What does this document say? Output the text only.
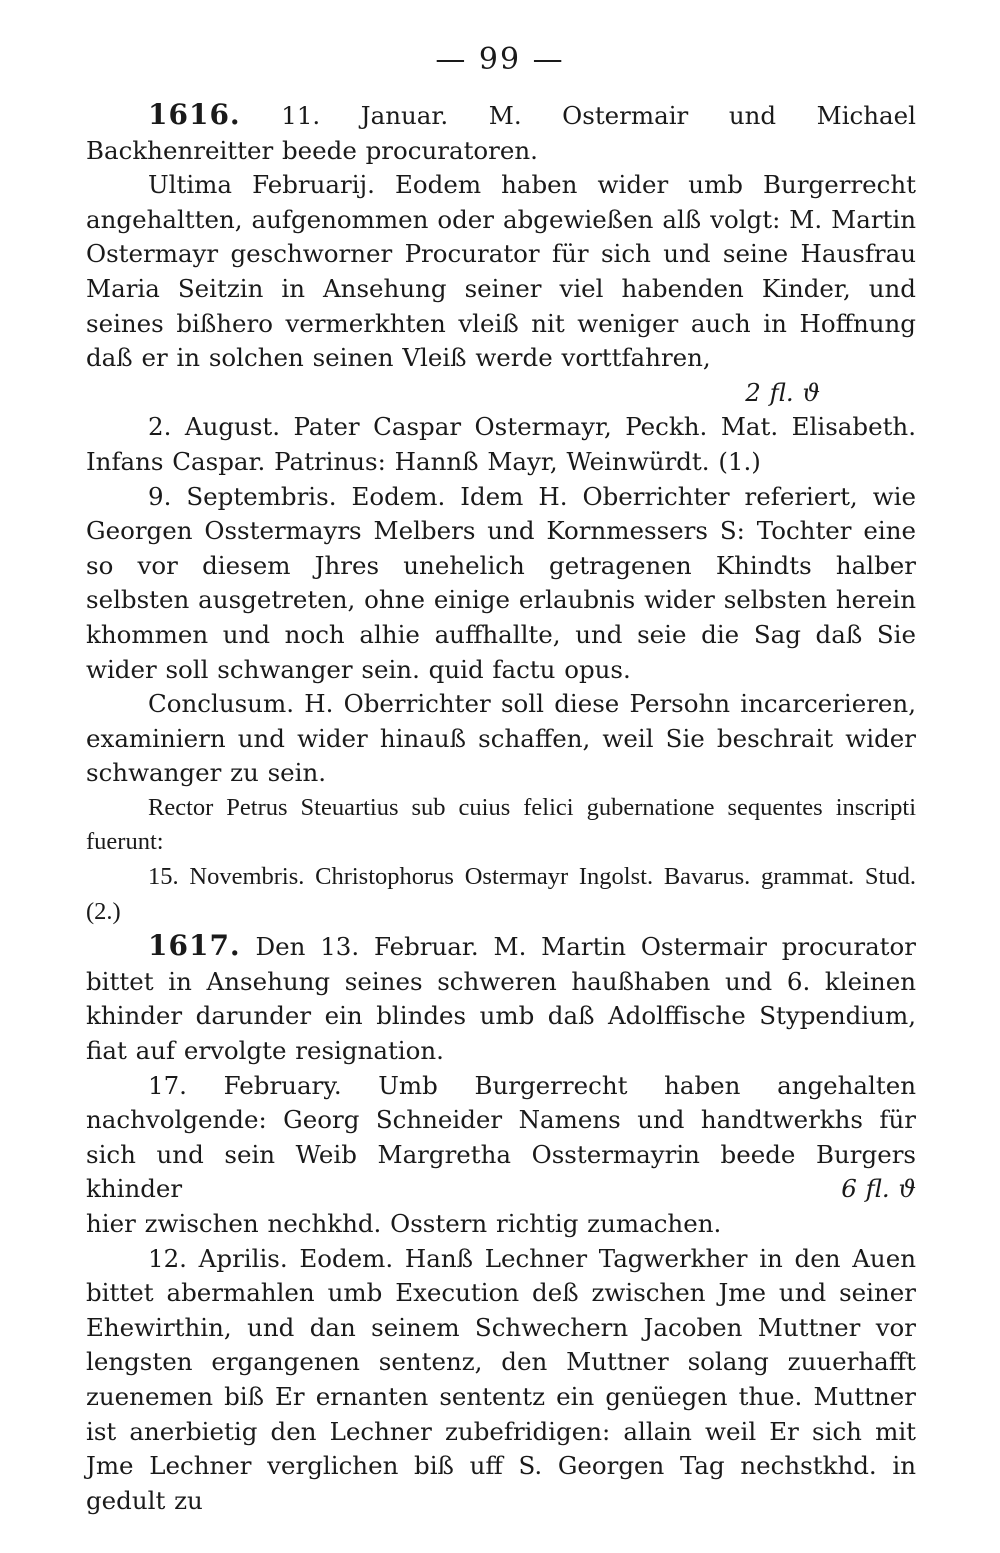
— 99 —

1616. 11. Januar. M. Ostermair und Michael Backhenreitter beede procuratoren.

Ultima Februarij. Eodem haben wider umb Burgerrecht angehaltten, aufgenommen oder abgewießen alß volgt: M. Martin Ostermayr geschworner Procurator für sich und seine Hausfrau Maria Seitzin in Ansehung seiner viel habenden Kinder, und seines bißhero vermerkhten vleiß nit weniger auch in Hoffnung daß er in solchen seinen Vleiß werde vorttfahren,
2 fl. ϑ

2. August. Pater Caspar Ostermayr, Peckh. Mat. Elisabeth. Infans Caspar. Patrinus: Hannß Mayr, Weinwürdt. (1.)

9. Septembris. Eodem. Idem H. Oberrichter referiert, wie Georgen Osstermayrs Melbers und Kornmessers S: Tochter eine so vor diesem Jhres unehelich getragenen Khindts halber selbsten ausgetreten, ohne einige erlaubnis wider selbsten herein khommen und noch alhie auffhallte, und seie die Sag daß Sie wider soll schwanger sein. quid factu opus.

Conclusum. H. Oberrichter soll diese Persohn incarcerieren, examiniern und wider hinauß schaffen, weil Sie beschrait wider schwanger zu sein.

Rector Petrus Steuartius sub cuius felici gubernatione sequentes inscripti fuerunt:

15. Novembris. Christophorus Ostermayr Ingolst. Bavarus. grammat. Stud. (2.)

1617. Den 13. Februar. M. Martin Ostermair procurator bittet in Ansehung seines schweren haußhaben und 6. kleinen khinder darunder ein blindes umb daß Adolffische Stypendium, fiat auf ervolgte resignation.

17. February. Umb Burgerrecht haben angehalten nachvolgende: Georg Schneider Namens und handtwerkhs für sich und sein Weib Margretha Osstermayrin beede Burgers khinder	6 fl. ϑ

hier zwischen nechkhd. Osstern richtig zumachen.

12. Aprilis. Eodem. Hanß Lechner Tagwerkher in den Auen bittet abermahlen umb Execution deß zwischen Jme und seiner Ehewirthin, und dan seinem Schwechern Jacoben Muttner vor lengsten ergangenen sentenz, den Muttner solang zuuerhafft zuenemen biß Er ernanten sententz ein genüegen thue. Muttner ist anerbietig den Lechner zubefridigen: allain weil Er sich mit Jme Lechner verglichen biß uff S. Georgen Tag nechstkhd. in gedult zu
